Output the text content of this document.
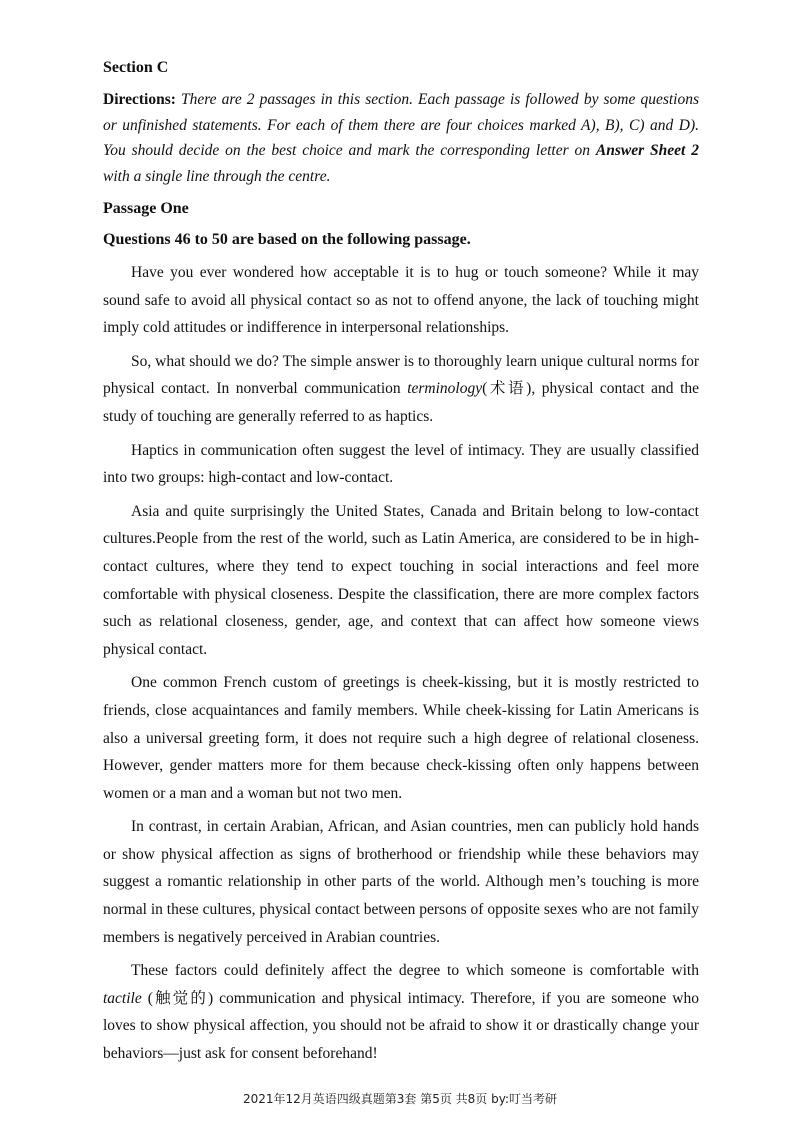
Section C
Directions: There are 2 passages in this section. Each passage is followed by some questions or unfinished statements. For each of them there are four choices marked A), B), C) and D). You should decide on the best choice and mark the corresponding letter on Answer Sheet 2 with a single line through the centre.
Passage One
Questions 46 to 50 are based on the following passage.

Have you ever wondered how acceptable it is to hug or touch someone? While it may sound safe to avoid all physical contact so as not to offend anyone, the lack of touching might imply cold attitudes or indifference in interpersonal relationships.

So, what should we do? The simple answer is to thoroughly learn unique cultural norms for physical contact. In nonverbal communication terminology(术语), physical contact and the study of touching are generally referred to as haptics.

Haptics in communication often suggest the level of intimacy. They are usually classified into two groups: high-contact and low-contact.

Asia and quite surprisingly the United States, Canada and Britain belong to low-contact cultures.People from the rest of the world, such as Latin America, are considered to be in high-contact cultures, where they tend to expect touching in social interactions and feel more comfortable with physical closeness. Despite the classification, there are more complex factors such as relational closeness, gender, age, and context that can affect how someone views physical contact.

One common French custom of greetings is cheek-kissing, but it is mostly restricted to friends, close acquaintances and family members. While cheek-kissing for Latin Americans is also a universal greeting form, it does not require such a high degree of relational closeness. However, gender matters more for them because check-kissing often only happens between women or a man and a woman but not two men.

In contrast, in certain Arabian, African, and Asian countries, men can publicly hold hands or show physical affection as signs of brotherhood or friendship while these behaviors may suggest a romantic relationship in other parts of the world. Although men’s touching is more normal in these cultures, physical contact between persons of opposite sexes who are not family members is negatively perceived in Arabian countries.

These factors could definitely affect the degree to which someone is comfortable with tactile (触觉的) communication and physical intimacy. Therefore, if you are someone who loves to show physical affection, you should not be afraid to show it or drastically change your behaviors—just ask for consent beforehand!

2021年12月英语四级真题第3套 第5页 共8页 by:叮当考研
